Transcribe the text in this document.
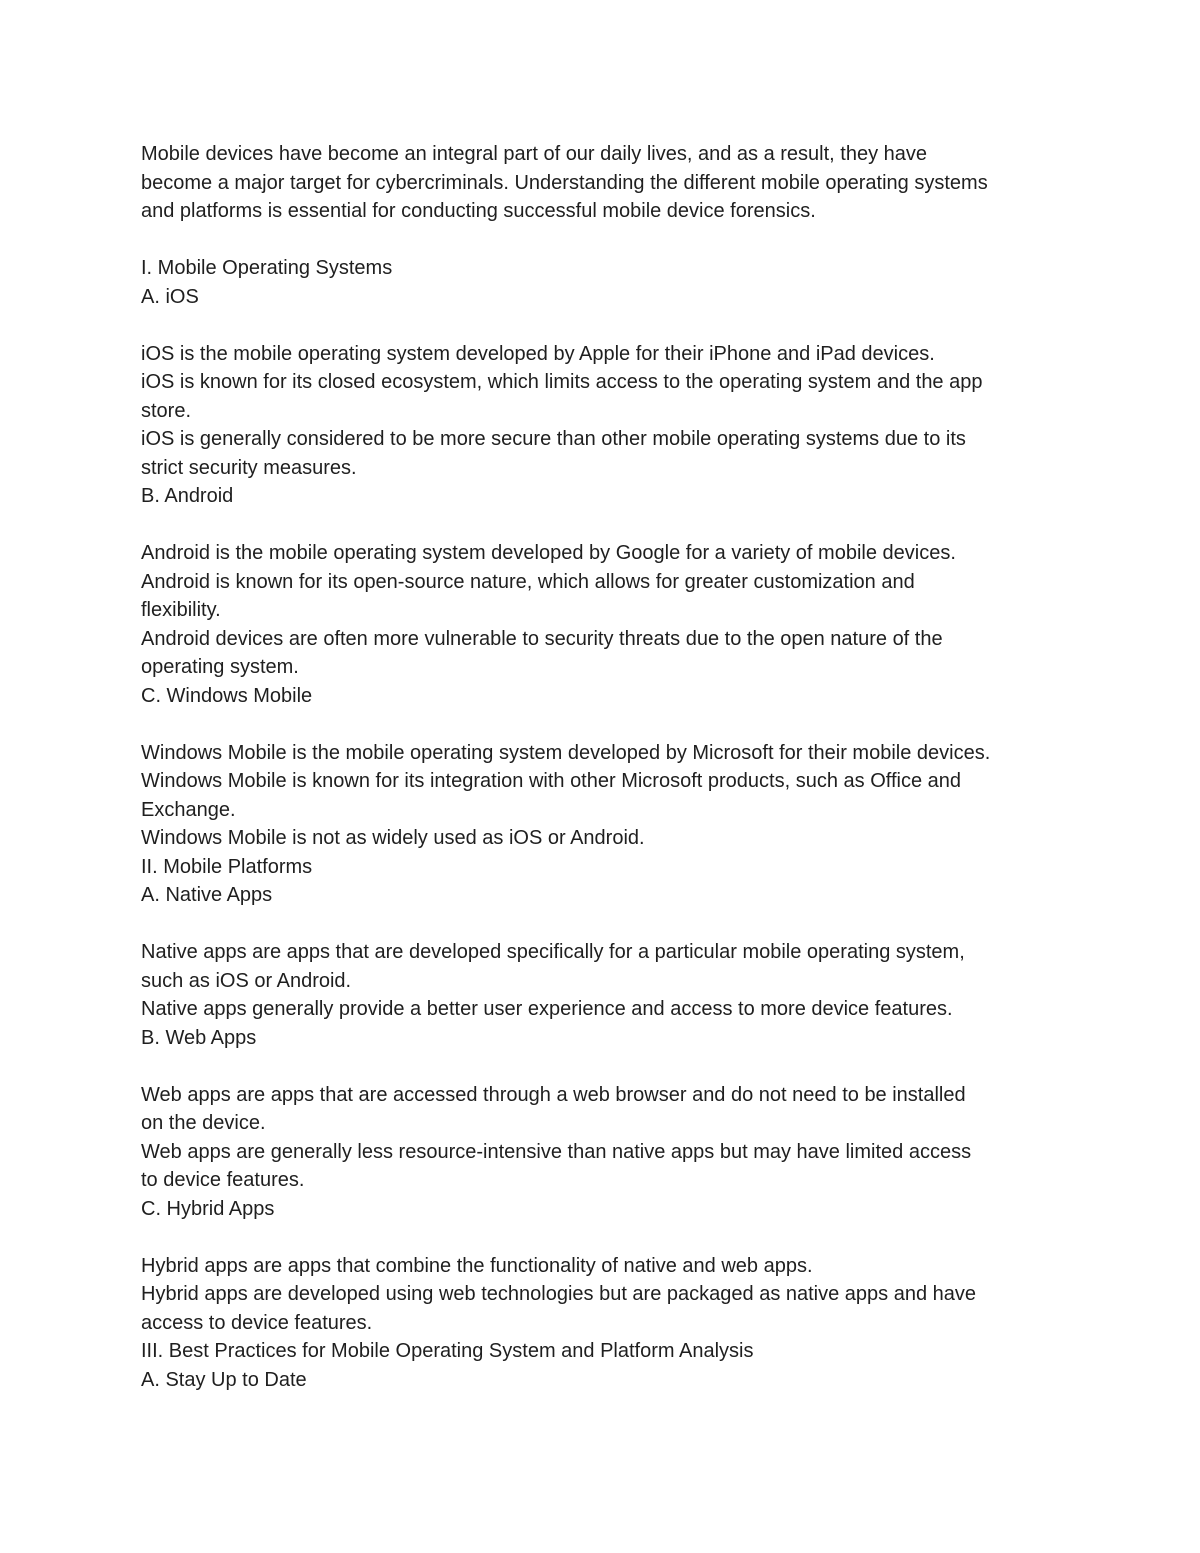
Mobile devices have become an integral part of our daily lives, and as a result, they have
become a major target for cybercriminals. Understanding the different mobile operating systems
and platforms is essential for conducting successful mobile device forensics.
I. Mobile Operating Systems
A. iOS
iOS is the mobile operating system developed by Apple for their iPhone and iPad devices.
iOS is known for its closed ecosystem, which limits access to the operating system and the app
store.
iOS is generally considered to be more secure than other mobile operating systems due to its
strict security measures.
B. Android
Android is the mobile operating system developed by Google for a variety of mobile devices.
Android is known for its open-source nature, which allows for greater customization and
flexibility.
Android devices are often more vulnerable to security threats due to the open nature of the
operating system.
C. Windows Mobile
Windows Mobile is the mobile operating system developed by Microsoft for their mobile devices.
Windows Mobile is known for its integration with other Microsoft products, such as Office and
Exchange.
Windows Mobile is not as widely used as iOS or Android.
II. Mobile Platforms
A. Native Apps
Native apps are apps that are developed specifically for a particular mobile operating system,
such as iOS or Android.
Native apps generally provide a better user experience and access to more device features.
B. Web Apps
Web apps are apps that are accessed through a web browser and do not need to be installed
on the device.
Web apps are generally less resource-intensive than native apps but may have limited access
to device features.
C. Hybrid Apps
Hybrid apps are apps that combine the functionality of native and web apps.
Hybrid apps are developed using web technologies but are packaged as native apps and have
access to device features.
III. Best Practices for Mobile Operating System and Platform Analysis
A. Stay Up to Date
